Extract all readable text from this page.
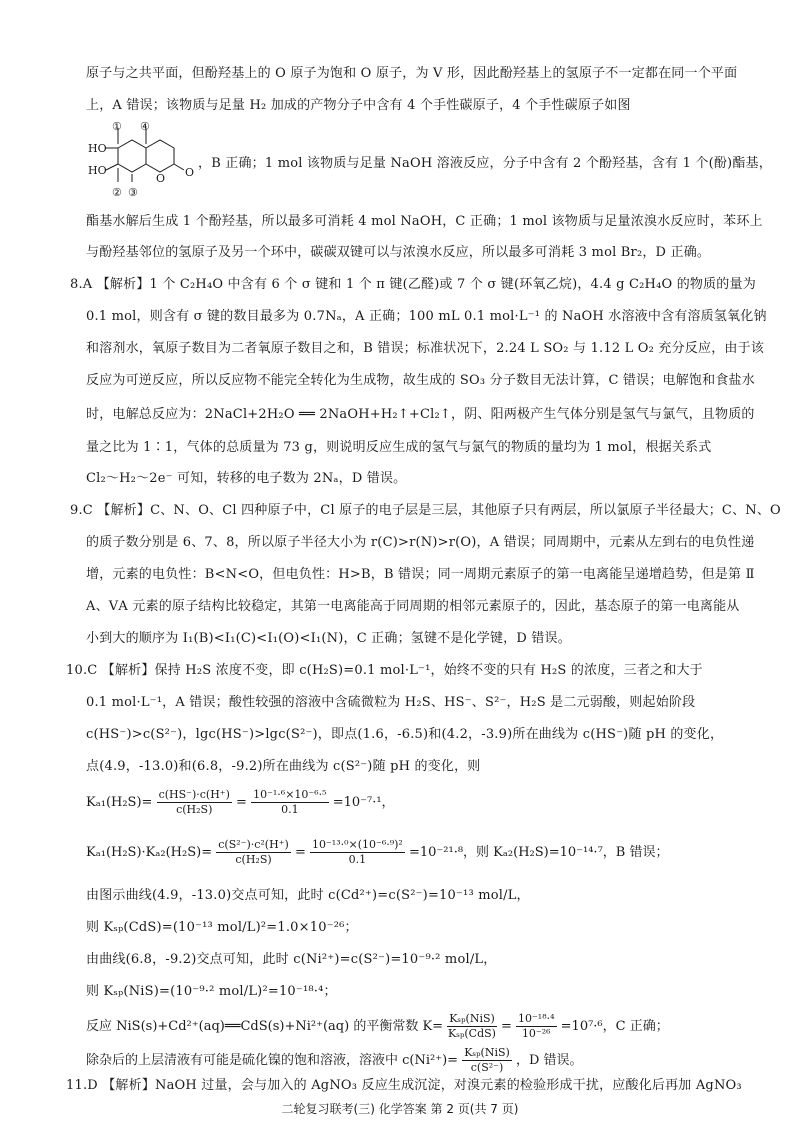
原子与之共平面，但酚羟基上的 O 原子为饱和 O 原子，为 V 形，因此酚羟基上的氢原子不一定都在同一个平面
上，A 错误；该物质与足量 H₂ 加成的产物分子中含有 4 个手性碳原子，4 个手性碳原子如图
① ④
② ③
HO
HO
O O
，B 正确；1 mol 该物质与足量 NaOH 溶液反应，分子中含有 2 个酚羟基，含有 1 个(酚)酯基，
酯基水解后生成 1 个酚羟基，所以最多可消耗 4 mol NaOH，C 正确；1 mol 该物质与足量浓溴水反应时，苯环上
与酚羟基邻位的氢原子及另一个环中，碳碳双键可以与浓溴水反应，所以最多可消耗 3 mol Br₂，D 正确。
8.A 【解析】1 个 C₂H₄O 中含有 6 个 σ 键和 1 个 π 键(乙醛)或 7 个 σ 键(环氧乙烷)，4.4 g C₂H₄O 的物质的量为
0.1 mol，则含有 σ 键的数目最多为 0.7Nₐ，A 正确；100 mL 0.1 mol·L⁻¹ 的 NaOH 水溶液中含有溶质氢氧化钠
和溶剂水，氧原子数目为二者氧原子数目之和，B 错误；标准状况下，2.24 L SO₂ 与 1.12 L O₂ 充分反应，由于该
反应为可逆反应，所以反应物不能完全转化为生成物，故生成的 SO₃ 分子数目无法计算，C 错误；电解饱和食盐水
时，电解总反应为：2NaCl+2H₂O ══ 2NaOH+H₂↑+Cl₂↑，阴、阳两极产生气体分别是氢气与氯气，且物质的
量之比为 1∶1，气体的总质量为 73 g，则说明反应生成的氢气与氯气的物质的量均为 1 mol，根据关系式
Cl₂～H₂～2e⁻ 可知，转移的电子数为 2Nₐ，D 错误。
9.C 【解析】C、N、O、Cl 四种原子中，Cl 原子的电子层是三层，其他原子只有两层，所以氯原子半径最大；C、N、O
的质子数分别是 6、7、8，所以原子半径大小为 r(C)>r(N)>r(O)，A 错误；同周期中，元素从左到右的电负性递
增，元素的电负性：B<N<O，但电负性：H>B，B 错误；同一周期元素原子的第一电离能呈递增趋势，但是第 Ⅱ
A、ⅤA 元素的原子结构比较稳定，其第一电离能高于同周期的相邻元素原子的，因此，基态原子的第一电离能从
小到大的顺序为 I₁(B)<I₁(C)<I₁(O)<I₁(N)，C 正确；氢键不是化学键，D 错误。
10.C 【解析】保持 H₂S 浓度不变，即 c(H₂S)=0.1 mol·L⁻¹，始终不变的只有 H₂S 的浓度，三者之和大于
0.1 mol·L⁻¹，A 错误；酸性较强的溶液中含硫微粒为 H₂S、HS⁻、S²⁻，H₂S 是二元弱酸，则起始阶段
c(HS⁻)>c(S²⁻)，lgc(HS⁻)>lgc(S²⁻)，即点(1.6，-6.5)和(4.2，-3.9)所在曲线为 c(HS⁻)随 pH 的变化，
点(4.9，-13.0)和(6.8，-9.2)所在曲线为 c(S²⁻)随 pH 的变化，则
$K_{a1}(H_2S)= \frac{c(HS^-)\cdot c(H^+)}{\text{c(H₂S)}} = \frac{\text{10⁻¹·⁶×10⁻⁶·⁵}}{0.1} =10^{-7}\cdot^1$，
$K_{a1}(H_2S)\cdot K_{a2}(H_2S)= \frac{\text{c(S²⁻)·c²(H⁺)}}{\text{c(H₂S)}} = \frac{\text{10⁻¹³·⁰×(10⁻⁶·⁹)²}}{0.1} =10^{-21}\cdot^8$，则 Kₐ₂(H₂S)=10⁻¹⁴·⁷，B 错误；
由图示曲线(4.9，-13.0)交点可知，此时 c(Cd²⁺)=c(S²⁻)=10⁻¹³ mol/L，
则 Kₛₚ(CdS)=(10⁻¹³ mol/L)²=1.0×10⁻²⁶；
由曲线(6.8，-9.2)交点可知，此时 c(Ni²⁺)=c(S²⁻)=10⁻⁹·² mol/L，
则 Kₛₚ(NiS)=(10⁻⁹·² mol/L)²=10⁻¹⁸·⁴；
反应 NiS(s)+Cd²⁺(aq)══CdS(s)+Ni²⁺(aq) 的平衡常数 $K= \frac{\text{Kₛₚ(NiS)}}{\text{Kₛₚ(CdS)}} = \frac{\text{10⁻¹⁸·⁴}}{\text{10⁻²⁶}} =10^7\cdot^6$，C 正确；
除杂后的上层清液有可能是硫化镍的饱和溶液，溶液中 $c(Ni^{2+})= \frac{\text{Kₛₚ(NiS)}}{\text{c(S²⁻)}}$ ，D 错误。
11.D 【解析】NaOH 过量，会与加入的 AgNO₃ 反应生成沉淀，对溴元素的检验形成干扰，应酸化后再加 AgNO₃
二轮复习联考(三) 化学答案 第 2 页(共 7 页)
